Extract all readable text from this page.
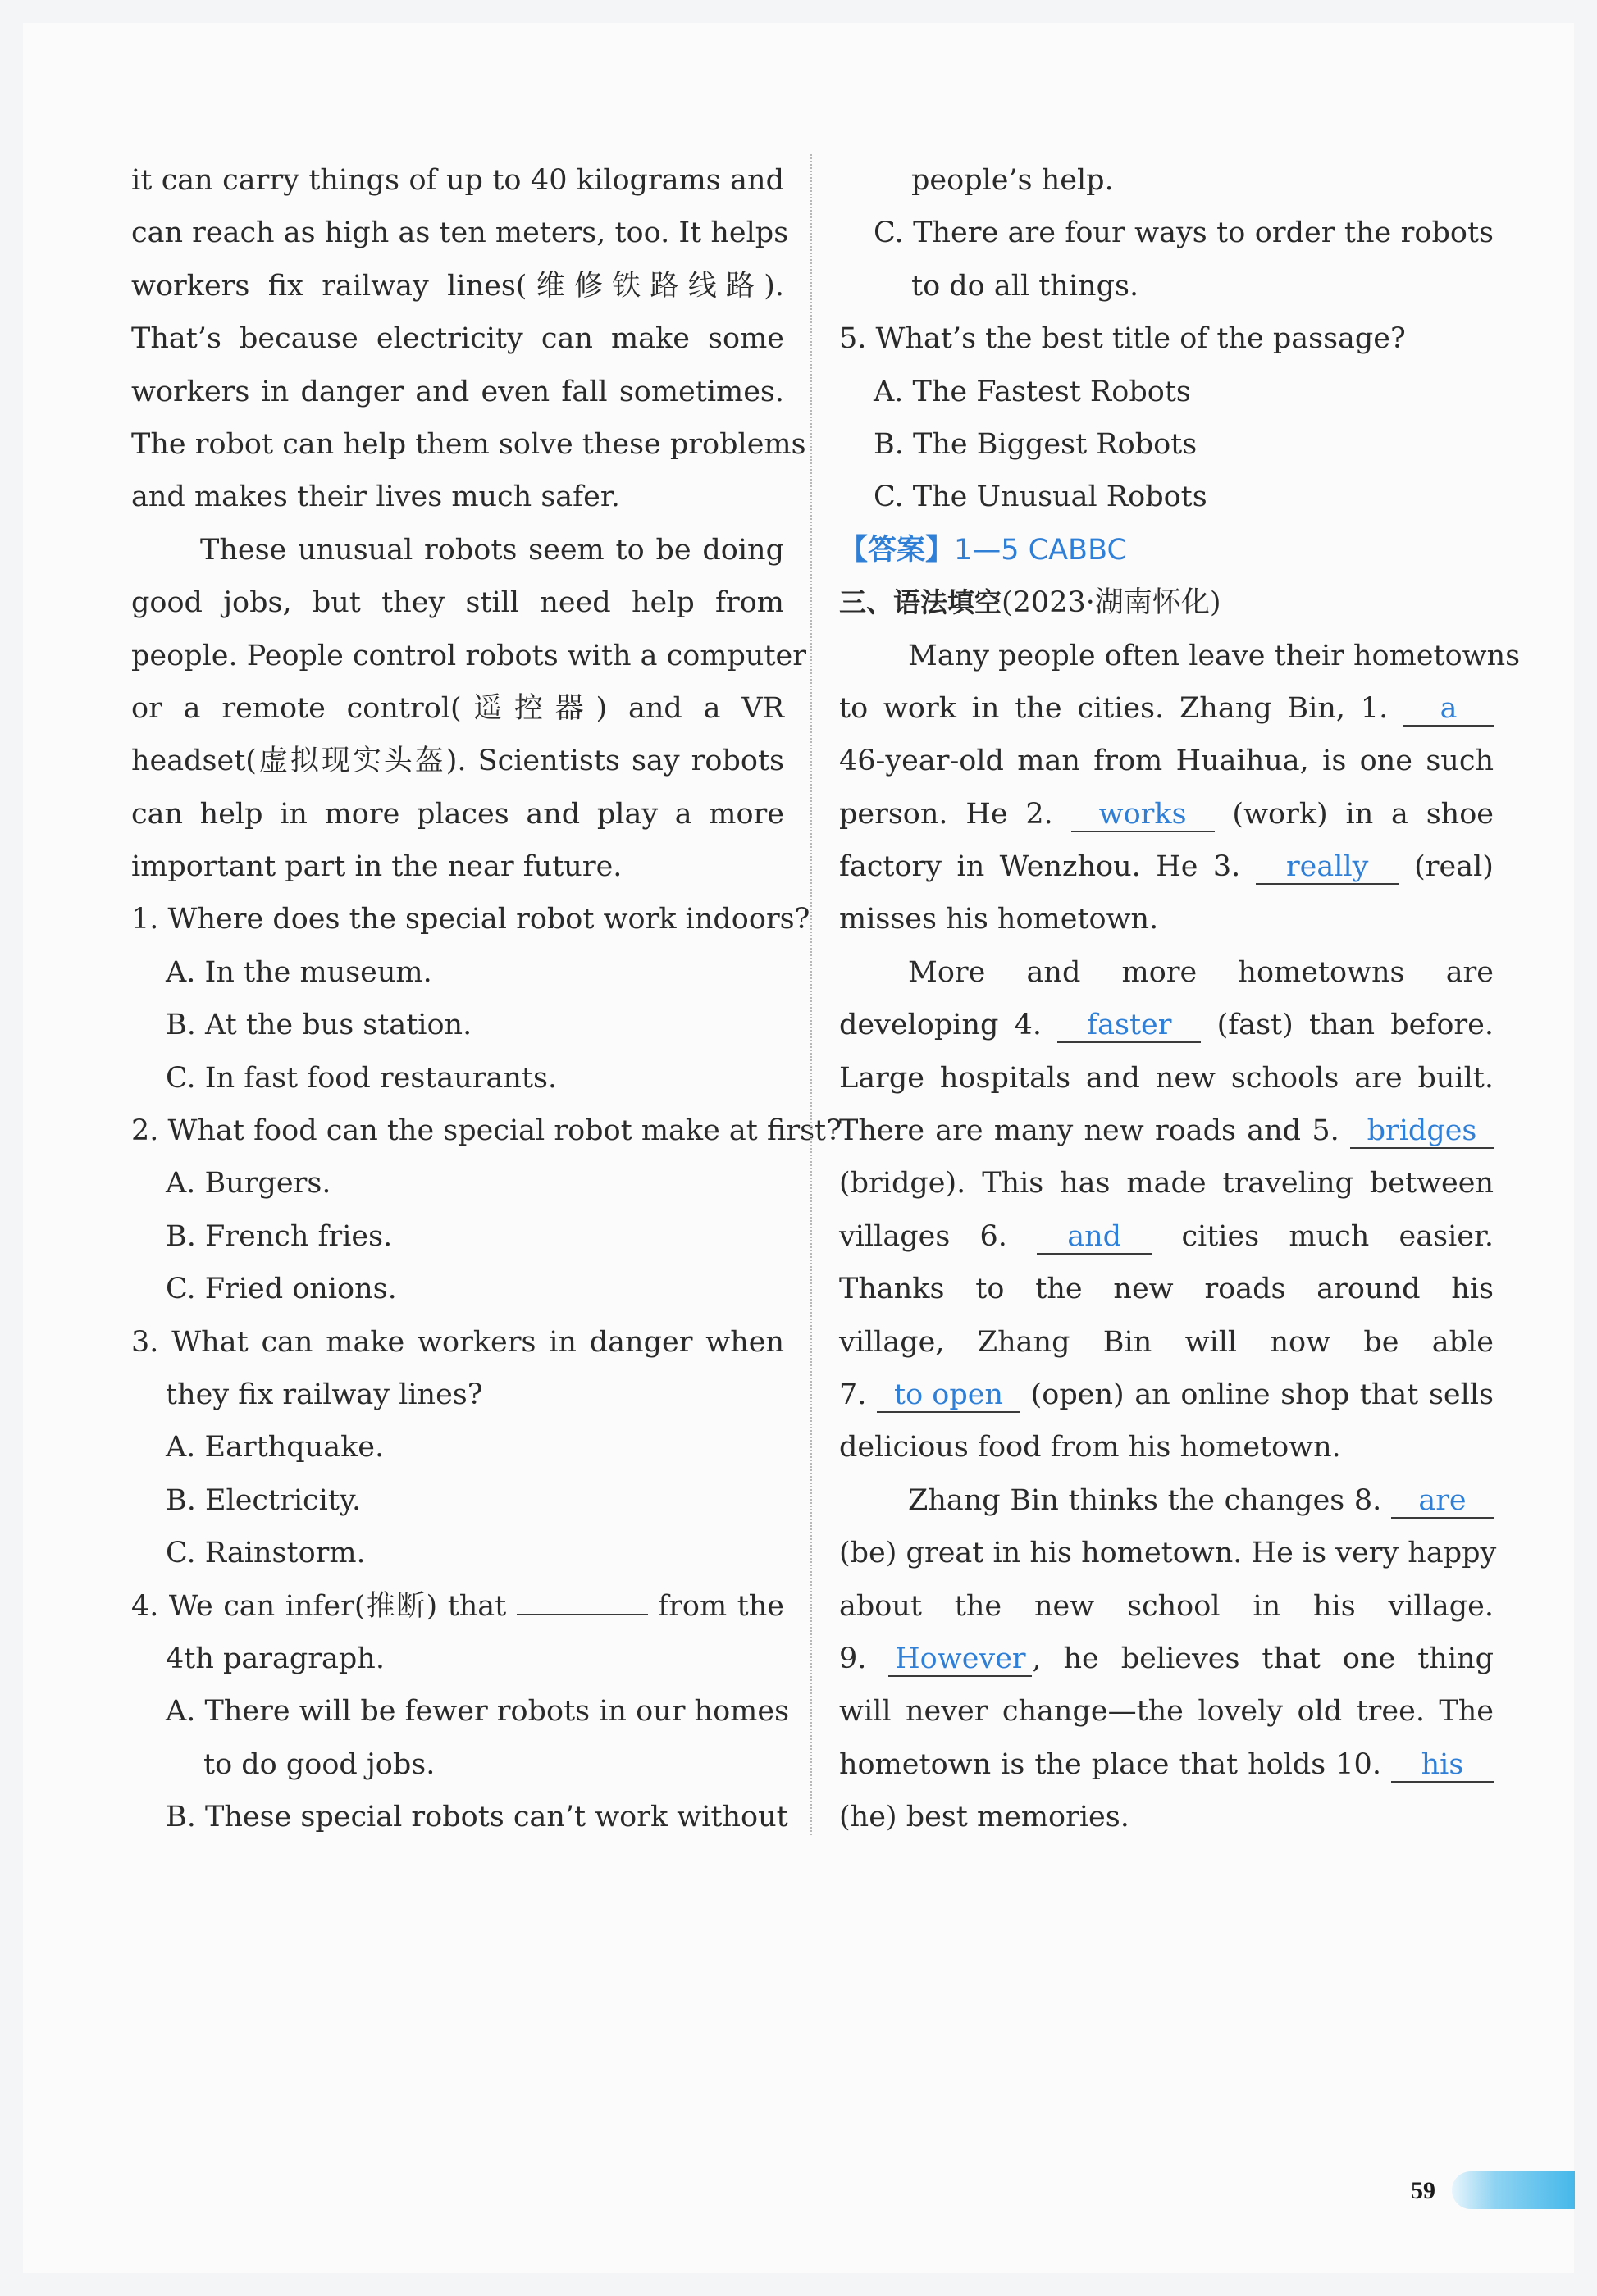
it can carry things of up to 40 kilograms and
can reach as high as ten meters, too. It helps
workers fix railway lines(维修铁路线路).
That’s because electricity can make some
workers in danger and even fall sometimes.
The robot can help them solve these problems
and makes their lives much safer.
These unusual robots seem to be doing
good jobs, but they still need help from
people. People control robots with a computer
or a remote control(遥控器) and a VR
headset(虚拟现实头盔). Scientists say robots
can help in more places and play a more
important part in the near future.
1. Where does the special robot work indoors?
A. In the museum.
B. At the bus station.
C. In fast food restaurants.
2. What food can the special robot make at first?
A. Burgers.
B. French fries.
C. Fried onions.
3. What can make workers in danger when
they fix railway lines?
A. Earthquake.
B. Electricity.
C. Rainstorm.
4. We can infer(推断) that	from the
4th paragraph.
A. There will be fewer robots in our homes
to do good jobs.
B. These special robots can’t work without
people’s help.
C. There are four ways to order the robots
to do all things.
5. What’s the best title of the passage?
A. The Fastest Robots
B. The Biggest Robots
C. The Unusual Robots
【答案】1—5 CABBC
三、语法填空(2023·湖南怀化)
Many people often leave their hometowns
to work in the cities. Zhang Bin, 1. a
46-year-old man from Huaihua, is one such
person. He 2. works (work) in a shoe
factory in Wenzhou. He 3. really (real)
misses his hometown.
More and more hometowns are
developing 4. faster (fast) than before.
Large hospitals and new schools are built.
There are many new roads and 5. bridges
(bridge). This has made traveling between
villages 6. and cities much easier.
Thanks to the new roads around his
village, Zhang Bin will now be able
7. to open (open) an online shop that sells
delicious food from his hometown.
Zhang Bin thinks the changes 8. are
(be) great in his hometown. He is very happy
about the new school in his village.
9. However , he believes that one thing
will never change—the lovely old tree. The
hometown is the place that holds 10. his
(he) best memories.
59
